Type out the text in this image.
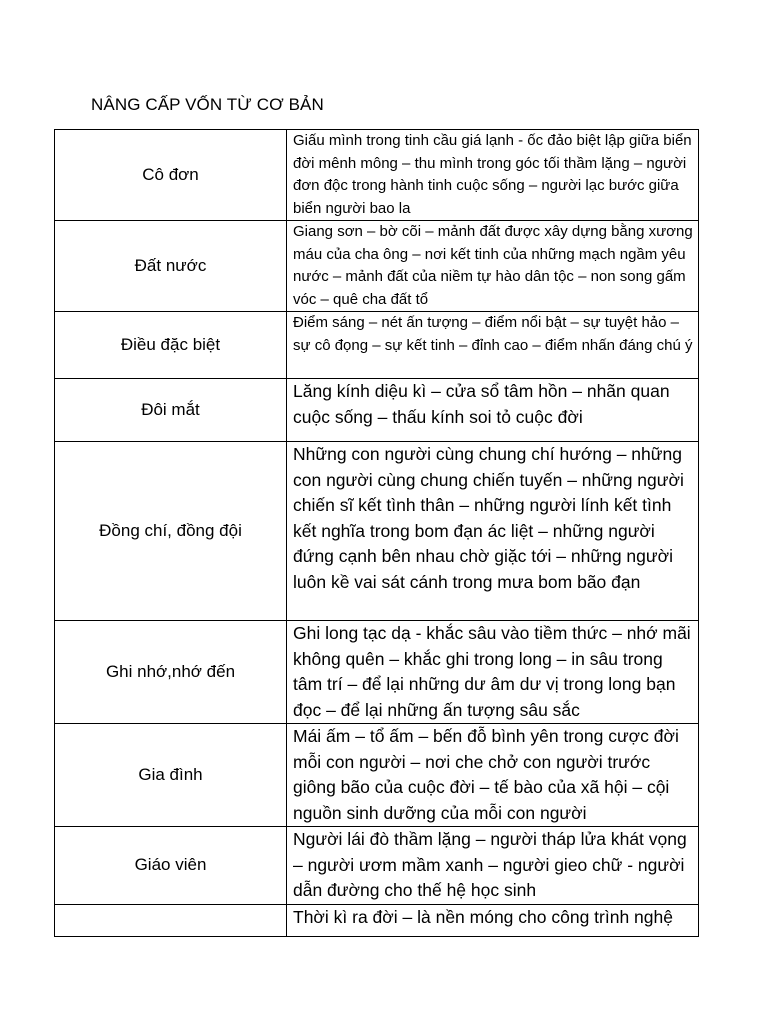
NÂNG CẤP VỐN TỪ CƠ BẢN
Cô đơn	Giấu mình trong tinh cầu giá lạnh - ốc đảo biệt lập giữa biển đời mênh mông – thu mình trong góc tối thầm lặng – người đơn độc trong hành tinh cuộc sống – người lạc bước giữa biển người bao la
Đất nước	Giang sơn – bờ cõi – mảnh đất được xây dựng bằng xương máu của cha ông – nơi kết tinh của những mạch ngầm yêu nước – mảnh đất của niềm tự hào dân tộc – non song gấm vóc – quê cha đất tổ
Điều đặc biệt	Điểm sáng – nét ấn tượng – điểm nổi bật – sự tuyệt hảo – sự cô đọng – sự kết tinh – đỉnh cao – điểm nhấn đáng chú ý
Đôi mắt	Lăng kính diệu kì – cửa sổ tâm hồn – nhãn quan cuộc sống – thấu kính soi tỏ cuộc đời
Đồng chí, đồng đội	Những con người cùng chung chí hướng – những con người cùng chung chiến tuyến – những người chiến sĩ kết tình thân – những người lính kết tình kết nghĩa trong bom đạn ác liệt – những người đứng cạnh bên nhau chờ giặc tới – những người luôn kề vai sát cánh trong mưa bom bão đạn
Ghi nhớ,nhớ đến	Ghi long tạc dạ - khắc sâu vào tiềm thức – nhớ mãi không quên – khắc ghi trong long – in sâu trong tâm trí – để lại những dư âm dư vị trong long bạn đọc – để lại những ấn tượng sâu sắc
Gia đình	Mái ấm – tổ ấm – bến đỗ bình yên trong cược đời mỗi con người – nơi che chở con người trước giông bão của cuộc đời – tế bào của xã hội – cội nguồn sinh dưỡng của mỗi con người
Giáo viên	Người lái đò thầm lặng – người tháp lửa khát vọng – người ươm mầm xanh – người gieo chữ - người dẫn đường cho thế hệ học sinh
	Thời kì ra đời – là nền móng cho công trình nghệ
